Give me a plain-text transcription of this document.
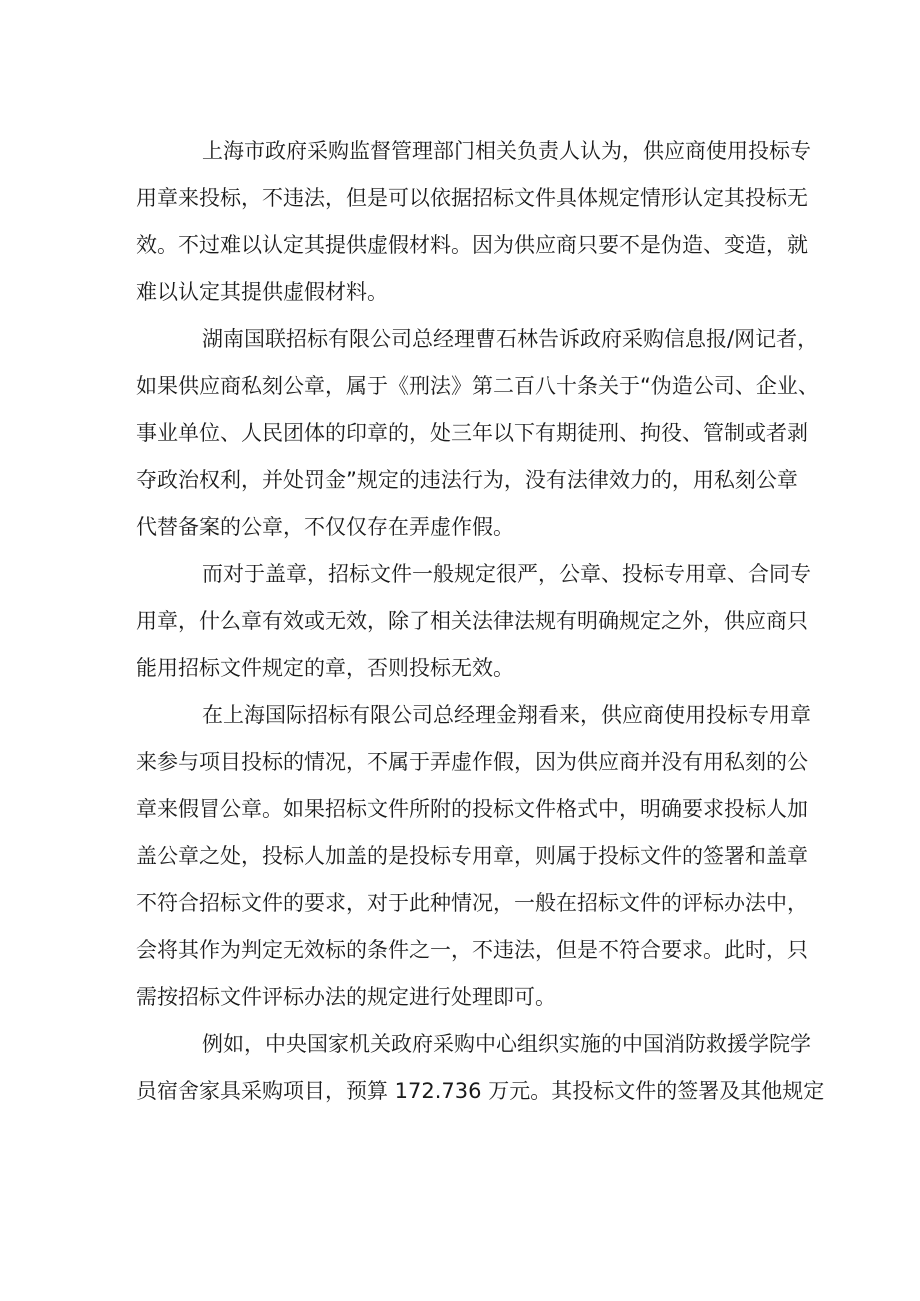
上海市政府采购监督管理部门相关负责人认为，供应商使用投标专
用章来投标，不违法，但是可以依据招标文件具体规定情形认定其投标无
效。不过难以认定其提供虚假材料。因为供应商只要不是伪造、变造，就
难以认定其提供虚假材料。

湖南国联招标有限公司总经理曹石林告诉政府采购信息报/网记者，
如果供应商私刻公章，属于《刑法》第二百八十条关于“伪造公司、企业、
事业单位、人民团体的印章的，处三年以下有期徒刑、拘役、管制或者剥
夺政治权利，并处罚金”规定的违法行为，没有法律效力的，用私刻公章
代替备案的公章，不仅仅存在弄虚作假。

而对于盖章，招标文件一般规定很严，公章、投标专用章、合同专
用章，什么章有效或无效，除了相关法律法规有明确规定之外，供应商只
能用招标文件规定的章，否则投标无效。

在上海国际招标有限公司总经理金翔看来，供应商使用投标专用章
来参与项目投标的情况，不属于弄虚作假，因为供应商并没有用私刻的公
章来假冒公章。如果招标文件所附的投标文件格式中，明确要求投标人加
盖公章之处，投标人加盖的是投标专用章，则属于投标文件的签署和盖章
不符合招标文件的要求，对于此种情况，一般在招标文件的评标办法中，
会将其作为判定无效标的条件之一，不违法，但是不符合要求。此时，只
需按招标文件评标办法的规定进行处理即可。

例如，中央国家机关政府采购中心组织实施的中国消防救援学院学
员宿舍家具采购项目，预算 172.736 万元。其投标文件的签署及其他规定
